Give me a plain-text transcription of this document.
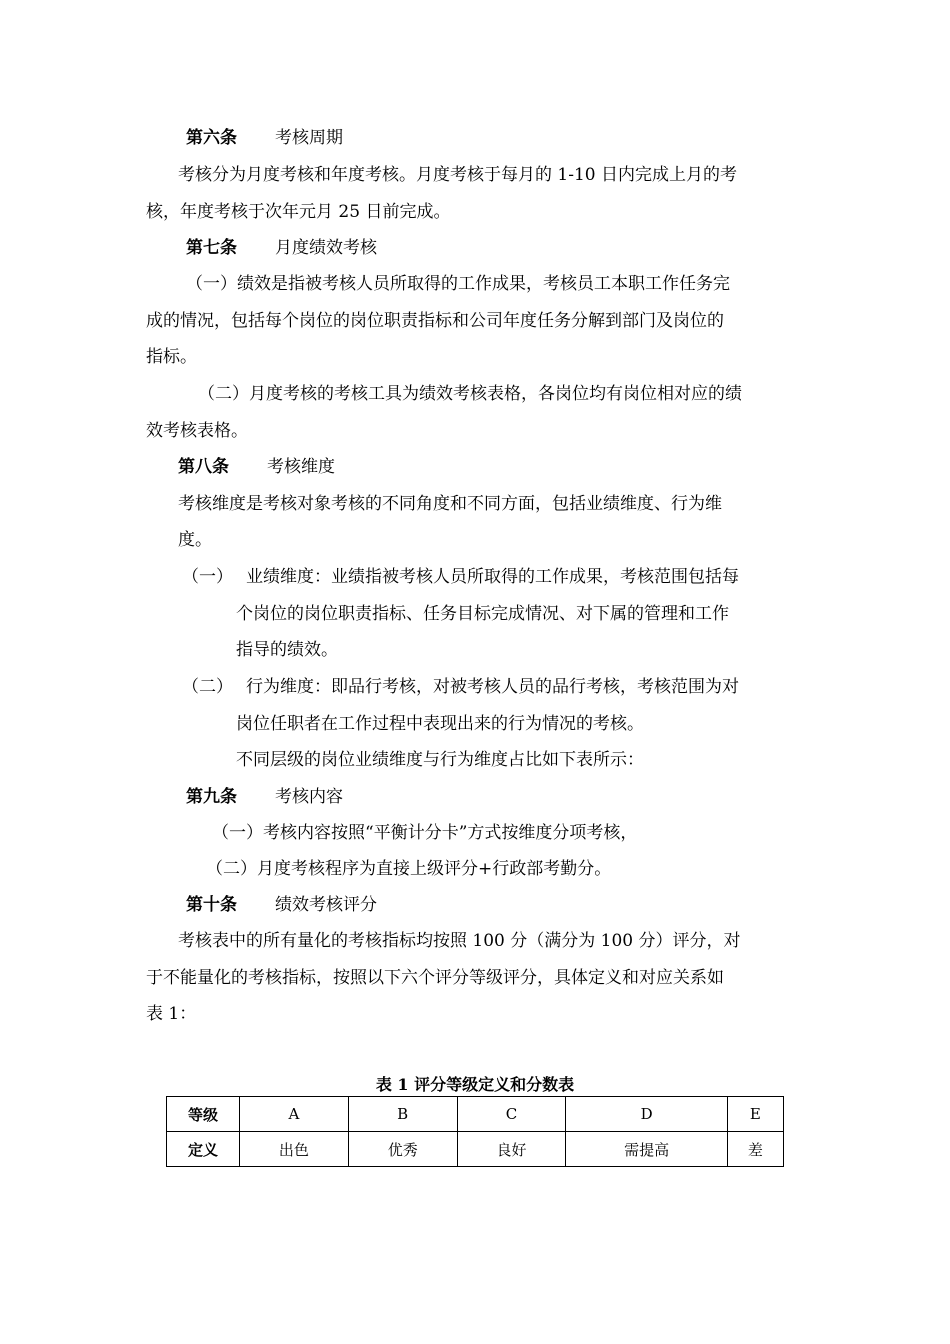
第六条 考核周期
考核分为月度考核和年度考核。月度考核于每月的 1-10 日内完成上月的考
核，年度考核于次年元月 25 日前完成。
第七条 月度绩效考核
（一）绩效是指被考核人员所取得的工作成果，考核员工本职工作任务完
成的情况，包括每个岗位的岗位职责指标和公司年度任务分解到部门及岗位的
指标。
（二）月度考核的考核工具为绩效考核表格，各岗位均有岗位相对应的绩
效考核表格。
第八条 考核维度
考核维度是考核对象考核的不同角度和不同方面，包括业绩维度、行为维
度。
（一） 业绩维度：业绩指被考核人员所取得的工作成果，考核范围包括每
个岗位的岗位职责指标、任务目标完成情况、对下属的管理和工作
指导的绩效。
（二） 行为维度：即品行考核，对被考核人员的品行考核，考核范围为对
岗位任职者在工作过程中表现出来的行为情况的考核。
不同层级的岗位业绩维度与行为维度占比如下表所示：
第九条 考核内容
（一）考核内容按照“平衡计分卡”方式按维度分项考核，
（二）月度考核程序为直接上级评分+行政部考勤分。
第十条 绩效考核评分
考核表中的所有量化的考核指标均按照 100 分（满分为 100 分）评分，对
于不能量化的考核指标，按照以下六个评分等级评分，具体定义和对应关系如
表 1：
表 1 评分等级定义和分数表
等级	A	B	C	D	E
定义	出色	优秀	良好	需提高	差
